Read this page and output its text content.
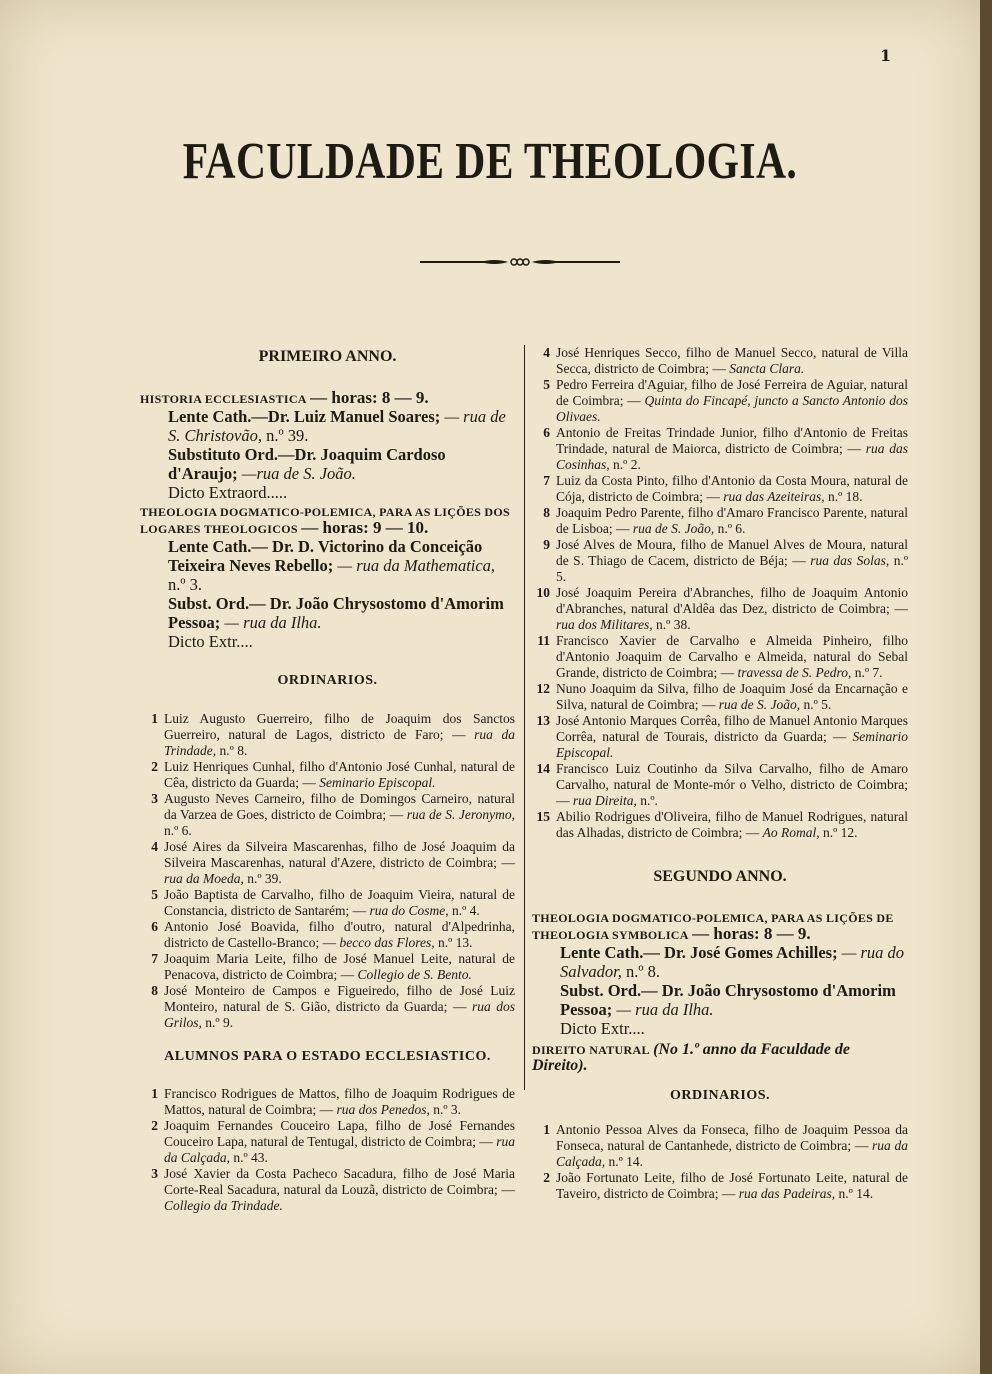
1
FACULDADE DE THEOLOGIA.
PRIMEIRO ANNO.
HISTORIA ECCLESIASTICA — horas: 8 — 9.
Lente Cath.—Dr. Luiz Manuel Soares; — rua de S. Christovão, n.º 39.
Substituto Ord.—Dr. Joaquim Cardoso d'Araujo; —rua de S. João.
Dicto Extraord.....
THEOLOGIA DOGMATICO-POLEMICA, PARA AS LIÇÕES DOS LOGARES THEOLOGICOS — horas: 9 — 10.
Lente Cath.— Dr. D. Victorino da Conceição Teixeira Neves Rebello; — rua da Mathematica, n.º 3.
Subst. Ord.— Dr. João Chrysostomo d'Amorim Pessoa; — rua da Ilha.
Dicto Extr....
ORDINARIOS.
1 Luiz Augusto Guerreiro, filho de Joaquim dos Sanctos Guerreiro, natural de Lagos, districto de Faro; — rua da Trindade, n.º 8.
2 Luiz Henriques Cunhal, filho d'Antonio José Cunhal, natural de Cêa, districto da Guarda; — Seminario Episcopal.
3 Augusto Neves Carneiro, filho de Domingos Carneiro, natural da Varzea de Goes, districto de Coimbra; — rua de S. Jeronymo, n.º 6.
4 José Aires da Silveira Mascarenhas, filho de José Joaquim da Silveira Mascarenhas, natural d'Azere, districto de Coimbra; — rua da Moeda, n.º 39.
5 João Baptista de Carvalho, filho de Joaquim Vieira, natural de Constancia, districto de Santarém; — rua do Cosme, n.º 4.
6 Antonio José Boavida, filho d'outro, natural d'Alpedrinha, districto de Castello-Branco; — becco das Flores, n.º 13.
7 Joaquim Maria Leite, filho de José Manuel Leite, natural de Penacova, districto de Coimbra; — Collegio de S. Bento.
8 José Monteiro de Campos e Figueiredo, filho de José Luiz Monteiro, natural de S. Gião, districto da Guarda; — rua dos Grilos, n.º 9.
ALUMNOS PARA O ESTADO ECCLESIASTICO.
1 Francisco Rodrigues de Mattos, filho de Joaquim Rodrigues de Mattos, natural de Coimbra; — rua dos Penedos, n.º 3.
2 Joaquim Fernandes Couceiro Lapa, filho de José Fernandes Couceiro Lapa, natural de Tentugal, districto de Coimbra; — rua da Calçada, n.º 43.
3 José Xavier da Costa Pacheco Sacadura, filho de José Maria Corte-Real Sacadura, natural da Louzã, districto de Coimbra; — Collegio da Trindade.
4 José Henriques Secco, filho de Manuel Secco, natural de Villa Secca, districto de Coimbra; — Sancta Clara.
5 Pedro Ferreira d'Aguiar, filho de José Ferreira de Aguiar, natural de Coimbra; — Quinta do Fincapé, juncto a Sancto Antonio dos Olivaes.
6 Antonio de Freitas Trindade Junior, filho d'Antonio de Freitas Trindade, natural de Maiorca, districto de Coimbra; — rua das Cosinhas, n.º 2.
7 Luiz da Costa Pinto, filho d'Antonio da Costa Moura, natural de Cója, districto de Coimbra; — rua das Azeiteiras, n.º 18.
8 Joaquim Pedro Parente, filho d'Amaro Francisco Parente, natural de Lisboa; — rua de S. João, n.º 6.
9 José Alves de Moura, filho de Manuel Alves de Moura, natural de S. Thiago de Cacem, districto de Béja; — rua das Solas, n.º 5.
10 José Joaquim Pereira d'Abranches, filho de Joaquim Antonio d'Abranches, natural d'Aldêa das Dez, districto de Coimbra; — rua dos Militares, n.º 38.
11 Francisco Xavier de Carvalho e Almeida Pinheiro, filho d'Antonio Joaquim de Carvalho e Almeida, natural do Sebal Grande, districto de Coimbra; — travessa de S. Pedro, n.º 7.
12 Nuno Joaquim da Silva, filho de Joaquim José da Encarnação e Silva, natural de Coimbra; — rua de S. João, n.º 5.
13 José Antonio Marques Corrêa, filho de Manuel Antonio Marques Corrêa, natural de Tourais, districto da Guarda; — Seminario Episcopal.
14 Francisco Luiz Coutinho da Silva Carvalho, filho de Amaro Carvalho, natural de Monte-mór o Velho, districto de Coimbra; — rua Direita, n.º.
15 Abilio Rodrigues d'Oliveira, filho de Manuel Rodrigues, natural das Alhadas, districto de Coimbra; — Ao Romal, n.º 12.
SEGUNDO ANNO.
THEOLOGIA DOGMATICO-POLEMICA, PARA AS LIÇÕES DE THEOLOGIA SYMBOLICA — horas: 8 — 9.
Lente Cath.— Dr. José Gomes Achilles; — rua do Salvador, n.º 8.
Subst. Ord.— Dr. João Chrysostomo d'Amorim Pessoa; — rua da Ilha.
Dicto Extr....
DIREITO NATURAL (No 1.º anno da Faculdade de Direito).
ORDINARIOS.
1 Antonio Pessoa Alves da Fonseca, filho de Joaquim Pessoa da Fonseca, natural de Cantanhede, districto de Coimbra; — rua da Calçada, n.º 14.
2 João Fortunato Leite, filho de José Fortunato Leite, natural de Taveiro, districto de Coimbra; — rua das Padeiras, n.º 14.
